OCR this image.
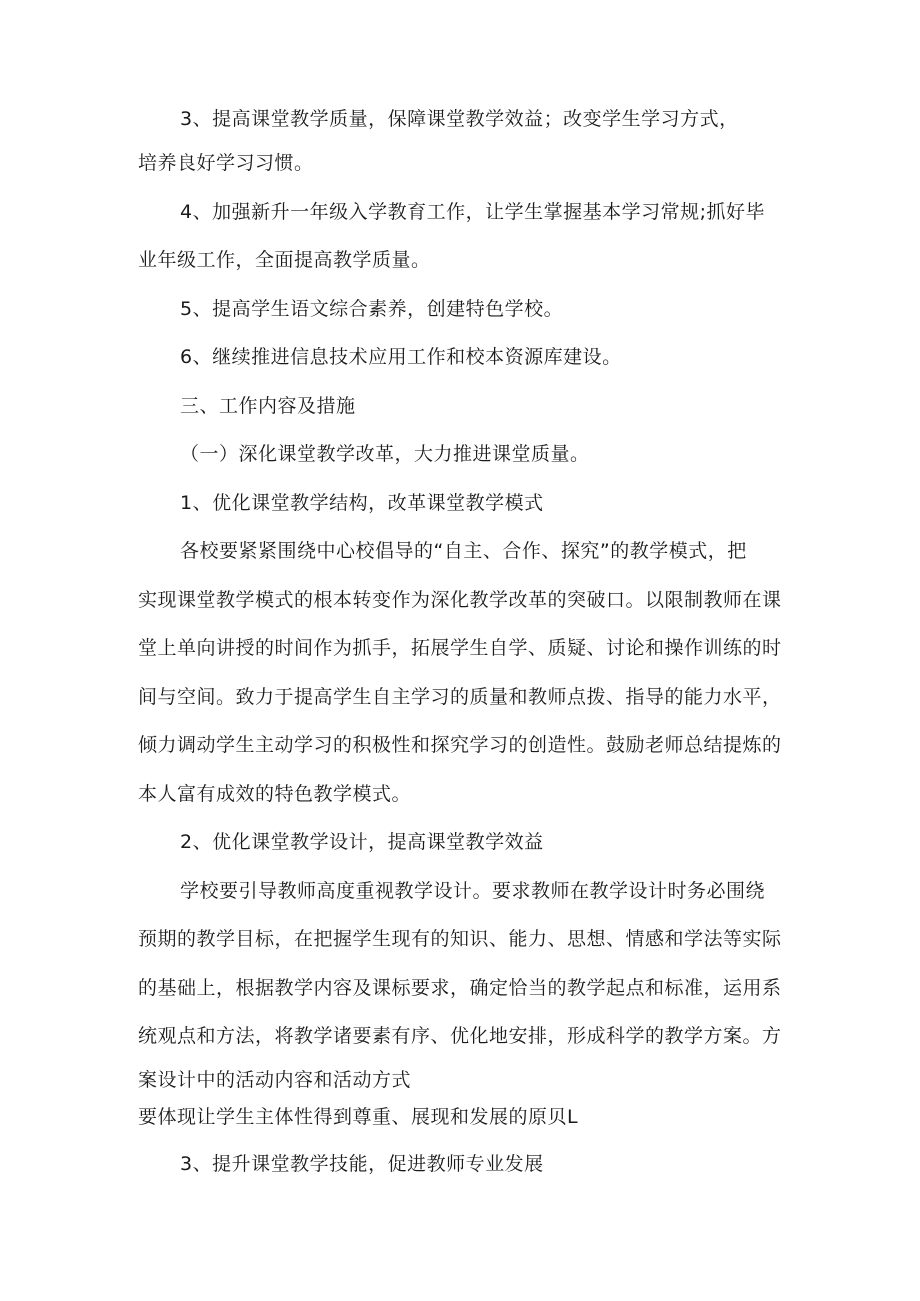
3、提高课堂教学质量，保障课堂教学效益；改变学生学习方式，
培养良好学习习惯。
4、加强新升一年级入学教育工作，让学生掌握基本学习常规;抓好毕
业年级工作，全面提高教学质量。
5、提高学生语文综合素养，创建特色学校。
6、继续推进信息技术应用工作和校本资源库建设。
三、工作内容及措施
（一）深化课堂教学改革，大力推进课堂质量。
1、优化课堂教学结构，改革课堂教学模式
各校要紧紧围绕中心校倡导的“自主、合作、探究”的教学模式，把
实现课堂教学模式的根本转变作为深化教学改革的突破口。以限制教师在课
堂上单向讲授的时间作为抓手，拓展学生自学、质疑、讨论和操作训练的时
间与空间。致力于提高学生自主学习的质量和教师点拨、指导的能力水平，
倾力调动学生主动学习的积极性和探究学习的创造性。鼓励老师总结提炼的
本人富有成效的特色教学模式。
2、优化课堂教学设计，提高课堂教学效益
学校要引导教师高度重视教学设计。要求教师在教学设计时务必围绕
预期的教学目标，在把握学生现有的知识、能力、思想、情感和学法等实际
的基础上，根据教学内容及课标要求，确定恰当的教学起点和标准，运用系
统观点和方法，将教学诸要素有序、优化地安排，形成科学的教学方案。方
案设计中的活动内容和活动方式
要体现让学生主体性得到尊重、展现和发展的原贝L
3、提升课堂教学技能，促进教师专业发展
